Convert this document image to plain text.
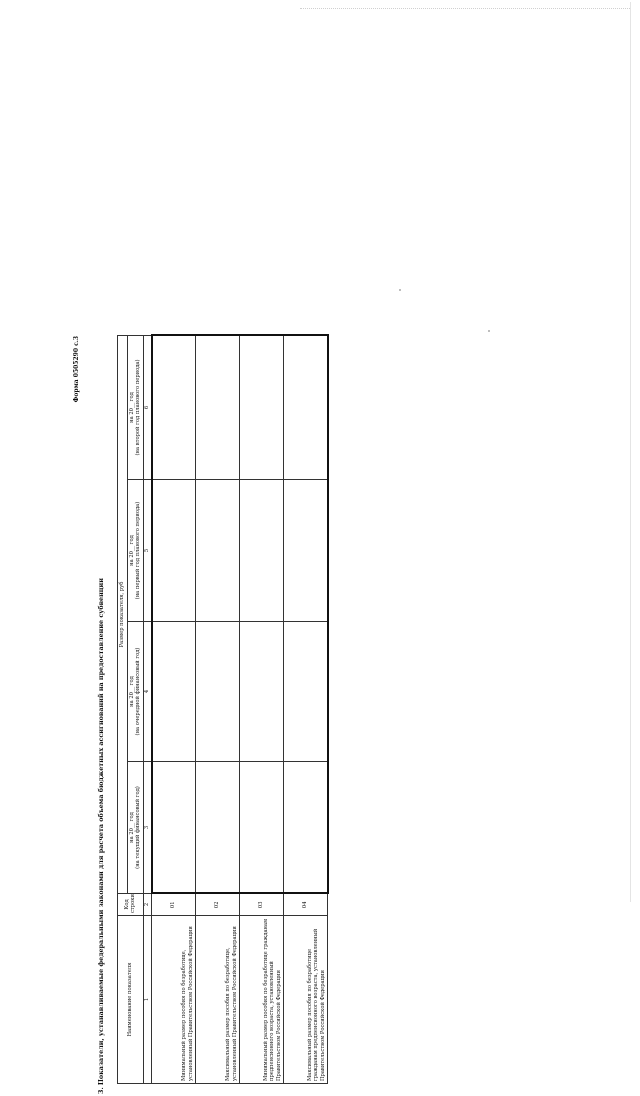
Форма 0505290 с.3
3. Показатели, устанавливаемые федеральными законами для расчета объема бюджетных ассигнований на предоставление субвенции	Наименование показателя	Код строки	Размер показателя, руб			

		на 20__ год (на текущий финансовый год)	на 20__ год (на очередной финансовый год)	на 20__ год (на первый год планового периода)	на 20__ год (на второй год планового периода)

1	2	3	4	5	6
Минимальный размер пособия по безработице, установленный Правительством Российской Федерации	01				
Максимальный размер пособия по безработице, установленный Правительством Российской Федерации	02				
Минимальный размер пособия по безработице гражданам предпенсионного возраста, установленный Правительством Российской Федерации	03				
Максимальный размер пособия по безработице гражданам предпенсионного возраста, установленный Правительством Российской Федерации	04				
